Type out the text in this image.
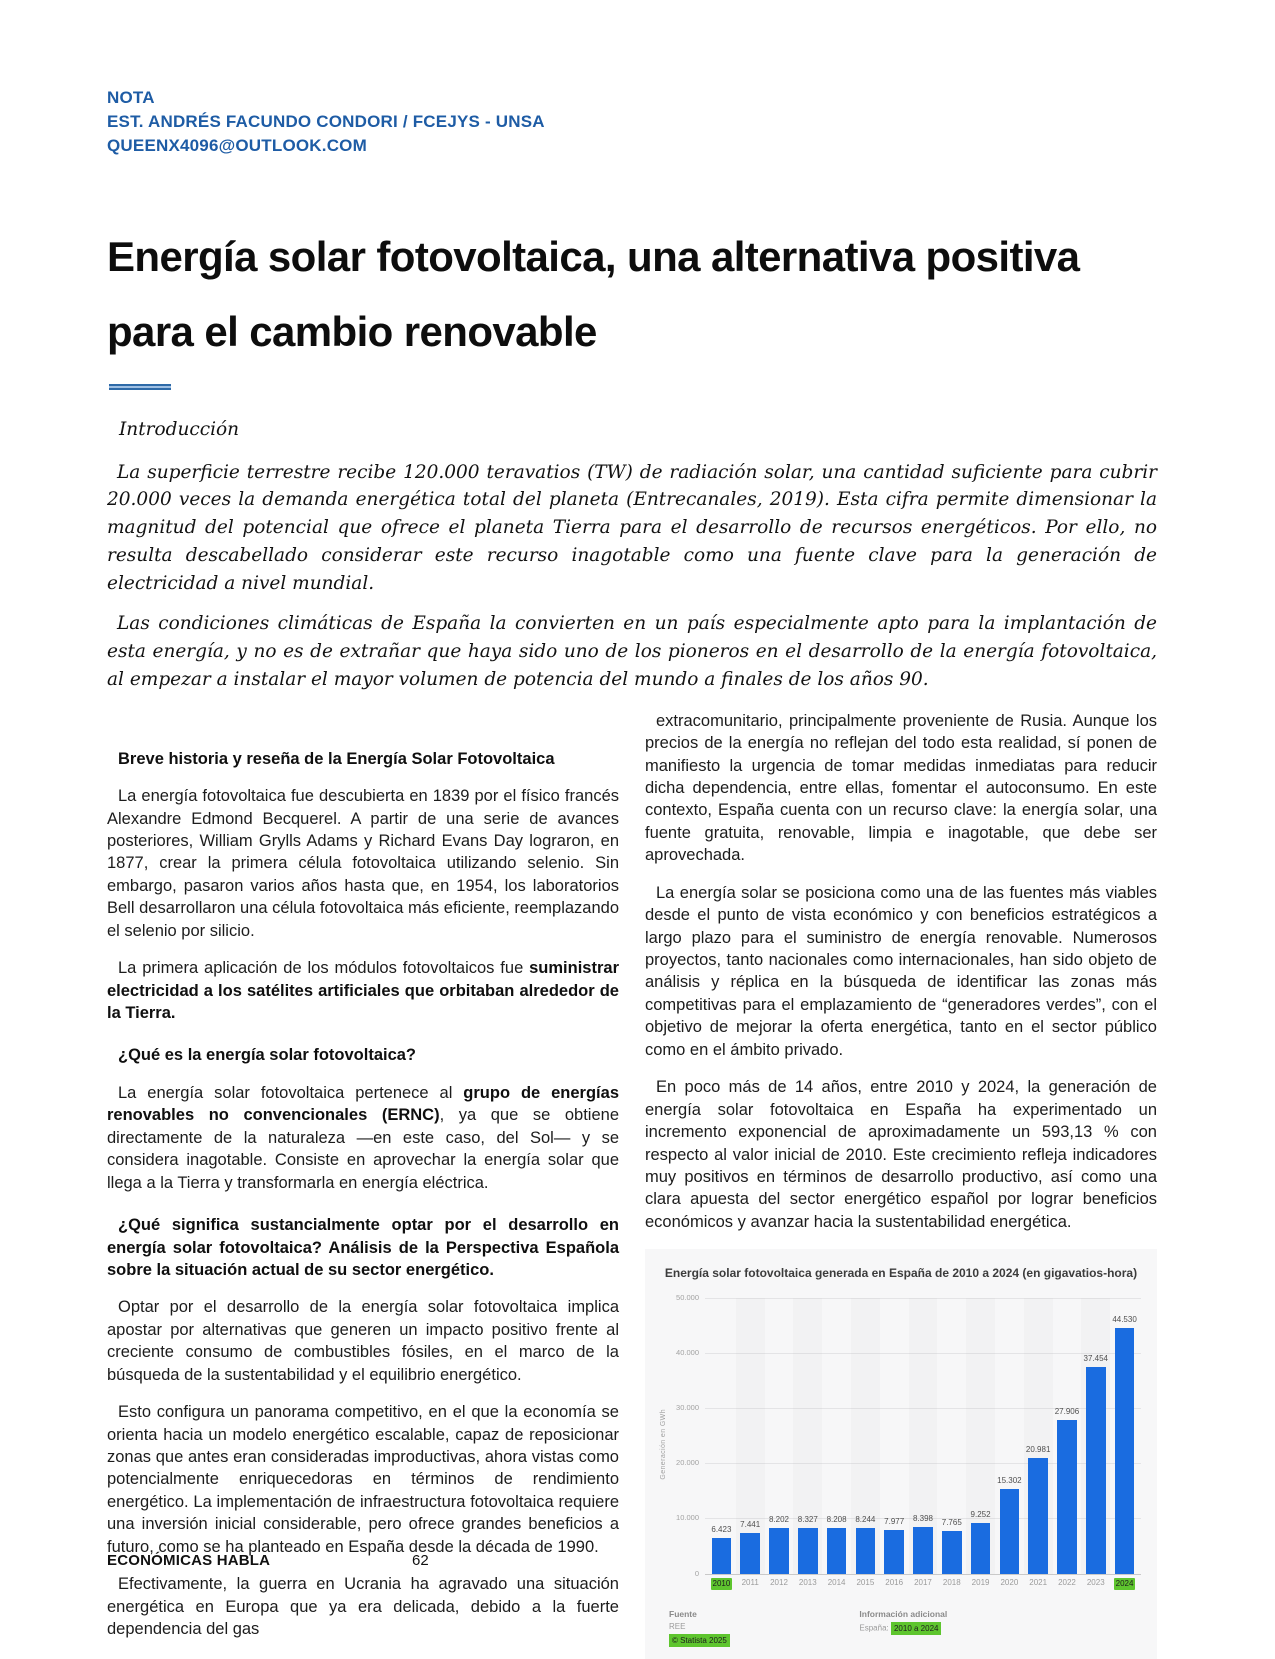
NOTA
EST. ANDRÉS FACUNDO CONDORI / FCEJYS - UNSA
QUEENX4096@OUTLOOK.COM
Energía solar fotovoltaica, una alternativa positiva para el cambio renovable

Introducción

La superficie terrestre recibe 120.000 teravatios (TW) de radiación solar, una cantidad suficiente para cubrir 20.000 veces la demanda energética total del planeta (Entrecanales, 2019). Esta cifra permite dimensionar la magnitud del potencial que ofrece el planeta Tierra para el desarrollo de recursos energéticos. Por ello, no resulta descabellado considerar este recurso inagotable como una fuente clave para la generación de electricidad a nivel mundial.

Las condiciones climáticas de España la convierten en un país especialmente apto para la implantación de esta energía, y no es de extrañar que haya sido uno de los pioneros en el desarrollo de la energía fotovoltaica, al empezar a instalar el mayor volumen de potencia del mundo a finales de los años 90.

Breve historia y reseña de la Energía Solar Fotovoltaica

La energía fotovoltaica fue descubierta en 1839 por el físico francés Alexandre Edmond Becquerel. A partir de una serie de avances posteriores, William Grylls Adams y Richard Evans Day lograron, en 1877, crear la primera célula fotovoltaica utilizando selenio. Sin embargo, pasaron varios años hasta que, en 1954, los laboratorios Bell desarrollaron una célula fotovoltaica más eficiente, reemplazando el selenio por silicio.

La primera aplicación de los módulos fotovoltaicos fue suministrar electricidad a los satélites artificiales que orbitaban alrededor de la Tierra.

¿Qué es la energía solar fotovoltaica?

La energía solar fotovoltaica pertenece al grupo de energías renovables no convencionales (ERNC), ya que se obtiene directamente de la naturaleza —en este caso, del Sol— y se considera inagotable. Consiste en aprovechar la energía solar que llega a la Tierra y transformarla en energía eléctrica.

¿Qué significa sustancialmente optar por el desarrollo en energía solar fotovoltaica? Análisis de la Perspectiva Española sobre la situación actual de su sector energético.

Optar por el desarrollo de la energía solar fotovoltaica implica apostar por alternativas que generen un impacto positivo frente al creciente consumo de combustibles fósiles, en el marco de la búsqueda de la sustentabilidad y el equilibrio energético.

Esto configura un panorama competitivo, en el que la economía se orienta hacia un modelo energético escalable, capaz de reposicionar zonas que antes eran consideradas improductivas, ahora vistas como potencialmente enriquecedoras en términos de rendimiento energético. La implementación de infraestructura fotovoltaica requiere una inversión inicial considerable, pero ofrece grandes beneficios a futuro, como se ha planteado en España desde la década de 1990.

Efectivamente, la guerra en Ucrania ha agravado una situación energética en Europa que ya era delicada, debido a la fuerte dependencia del gas

extracomunitario, principalmente proveniente de Rusia. Aunque los precios de la energía no reflejan del todo esta realidad, sí ponen de manifiesto la urgencia de tomar medidas inmediatas para reducir dicha dependencia, entre ellas, fomentar el autoconsumo. En este contexto, España cuenta con un recurso clave: la energía solar, una fuente gratuita, renovable, limpia e inagotable, que debe ser aprovechada.

La energía solar se posiciona como una de las fuentes más viables desde el punto de vista económico y con beneficios estratégicos a largo plazo para el suministro de energía renovable. Numerosos proyectos, tanto nacionales como internacionales, han sido objeto de análisis y réplica en la búsqueda de identificar las zonas más competitivas para el emplazamiento de “generadores verdes”, con el objetivo de mejorar la oferta energética, tanto en el sector público como en el ámbito privado.

En poco más de 14 años, entre 2010 y 2024, la generación de energía solar fotovoltaica en España ha experimentado un incremento exponencial de aproximadamente un 593,13 % con respecto al valor inicial de 2010. Este crecimiento refleja indicadores muy positivos en términos de desarrollo productivo, así como una clara apuesta del sector energético español por lograr beneficios económicos y avanzar hacia la sustentabilidad energética.

Energía solar fotovoltaica generada en España de 2010 a 2024 (en gigavatios-hora)
Generación en GWh
50.000
40.000
30.000
20.000
10.000
0
6.423
7.441 8.202 8.327 8.208 8.244 7.977 8.398 7.765
9.252
15.302
20.981
27.906
37.454
44.530
2010	2011	2012	2013	2014	2015	2016	2017	2018	2019	2020	2021	2022	2023	2024
Fuente
REE
© Statista 2025
Información adicional
España: 2010 a 2024
ECONÓMICAS HABLA	62
